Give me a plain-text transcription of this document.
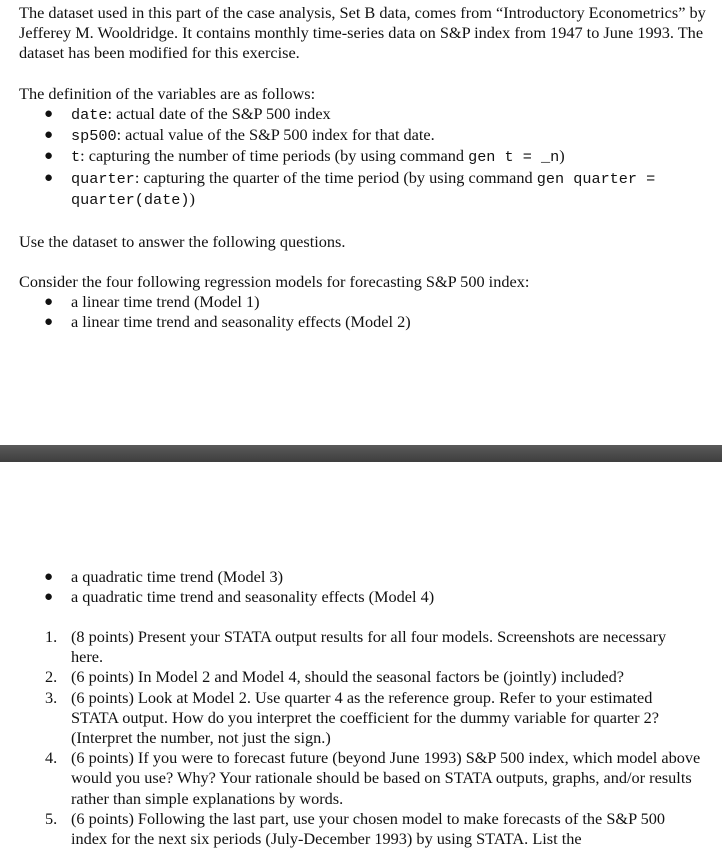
The dataset used in this part of the case analysis, Set B data, comes from “Introductory Econometrics” by Jefferey M. Wooldridge. It contains monthly time-series data on S&P index from 1947 to June 1993. The dataset has been modified for this exercise.

The definition of the variables are as follows:

● date: actual date of the S&P 500 index
● sp500: actual value of the S&P 500 index for that date.
● t: capturing the number of time periods (by using command gen t = _n)
● quarter: capturing the quarter of the time period (by using command gen quarter = quarter(date))

Use the dataset to answer the following questions.

Consider the four following regression models for forecasting S&P 500 index:

● a linear time trend (Model 1)
● a linear time trend and seasonality effects (Model 2)
● a quadratic time trend (Model 3)
● a quadratic time trend and seasonality effects (Model 4)
1. (8 points) Present your STATA output results for all four models. Screenshots are necessary here.
2. (6 points) In Model 2 and Model 4, should the seasonal factors be (jointly) included?
3. (6 points) Look at Model 2. Use quarter 4 as the reference group. Refer to your estimated STATA output. How do you interpret the coefficient for the dummy variable for quarter 2? (Interpret the number, not just the sign.)
4. (6 points) If you were to forecast future (beyond June 1993) S&P 500 index, which model above would you use? Why? Your rationale should be based on STATA outputs, graphs, and/or results rather than simple explanations by words.
5. (6 points) Following the last part, use your chosen model to make forecasts of the S&P 500 index for the next six periods (July-December 1993) by using STATA. List the
